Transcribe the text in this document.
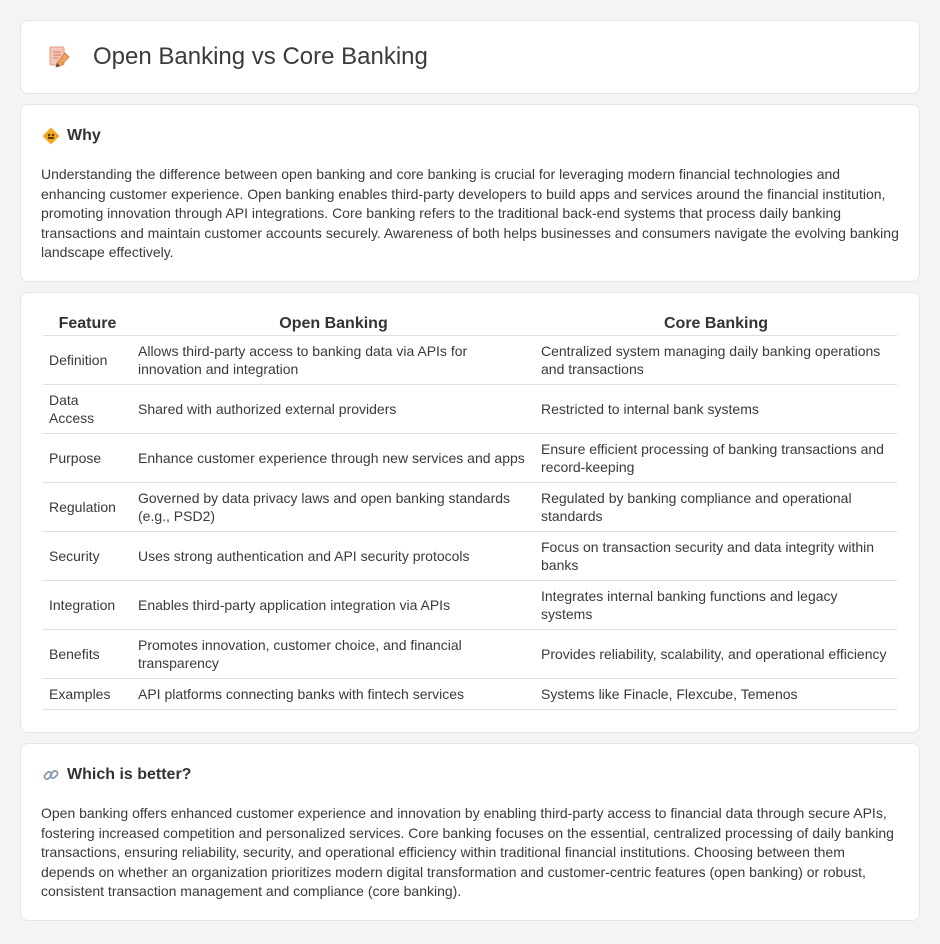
Open Banking vs Core Banking
Why

Understanding the difference between open banking and core banking is crucial for leveraging modern financial technologies and enhancing customer experience. Open banking enables third-party developers to build apps and services around the financial institution, promoting innovation through API integrations. Core banking refers to the traditional back-end systems that process daily banking transactions and maintain customer accounts securely. Awareness of both helps businesses and consumers navigate the evolving banking landscape effectively.

Feature	Open Banking	Core Banking
Definition	Allows third-party access to banking data via APIs for innovation and integration	Centralized system managing daily banking operations and transactions
Data Access	Shared with authorized external providers	Restricted to internal bank systems
Purpose	Enhance customer experience through new services and apps	Ensure efficient processing of banking transactions and record-keeping
Regulation	Governed by data privacy laws and open banking standards (e.g., PSD2)	Regulated by banking compliance and operational standards
Security	Uses strong authentication and API security protocols	Focus on transaction security and data integrity within banks
Integration	Enables third-party application integration via APIs	Integrates internal banking functions and legacy systems
Benefits	Promotes innovation, customer choice, and financial transparency	Provides reliability, scalability, and operational efficiency
Examples	API platforms connecting banks with fintech services	Systems like Finacle, Flexcube, Temenos
Which is better?

Open banking offers enhanced customer experience and innovation by enabling third-party access to financial data through secure APIs, fostering increased competition and personalized services. Core banking focuses on the essential, centralized processing of daily banking transactions, ensuring reliability, security, and operational efficiency within traditional financial institutions. Choosing between them depends on whether an organization prioritizes modern digital transformation and customer-centric features (open banking) or robust, consistent transaction management and compliance (core banking).
